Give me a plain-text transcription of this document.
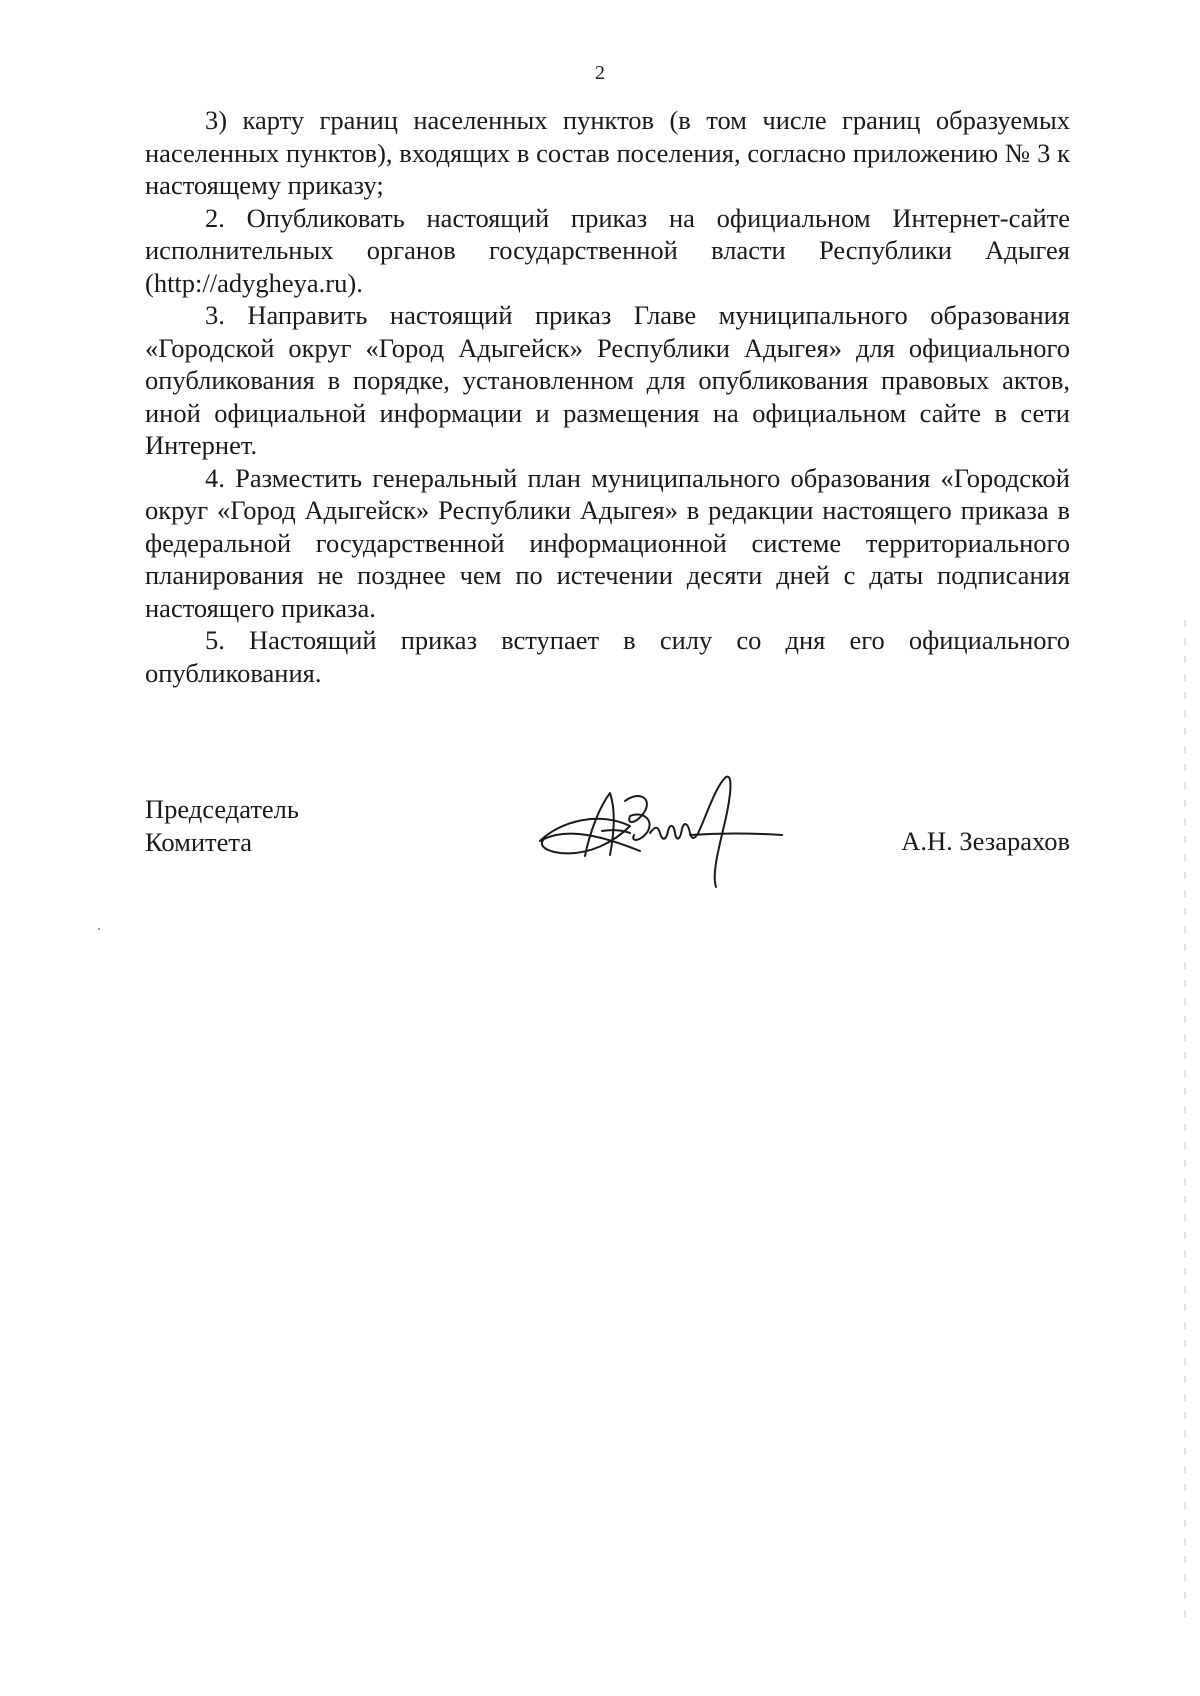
2

3) карту границ населенных пунктов (в том числе границ образуемых населенных пунктов), входящих в состав поселения, согласно приложению № 3 к настоящему приказу;

2. Опубликовать настоящий приказ на официальном Интернет-сайте исполнительных органов государственной власти Республики Адыгея (http://adygheya.ru).

3. Направить настоящий приказ Главе муниципального образования «Городской округ «Город Адыгейск» Республики Адыгея» для официального опубликования в порядке, установленном для опубликования правовых актов, иной официальной информации и размещения на официальном сайте в сети Интернет.

4. Разместить генеральный план муниципального образования «Городской округ «Город Адыгейск» Республики Адыгея» в редакции настоящего приказа в федеральной государственной информационной системе территориального планирования не позднее чем по истечении десяти дней с даты подписания настоящего приказа.

5. Настоящий приказ вступает в силу со дня его официального опубликования.

Председатель
Комитета	А.Н. Зезарахов
